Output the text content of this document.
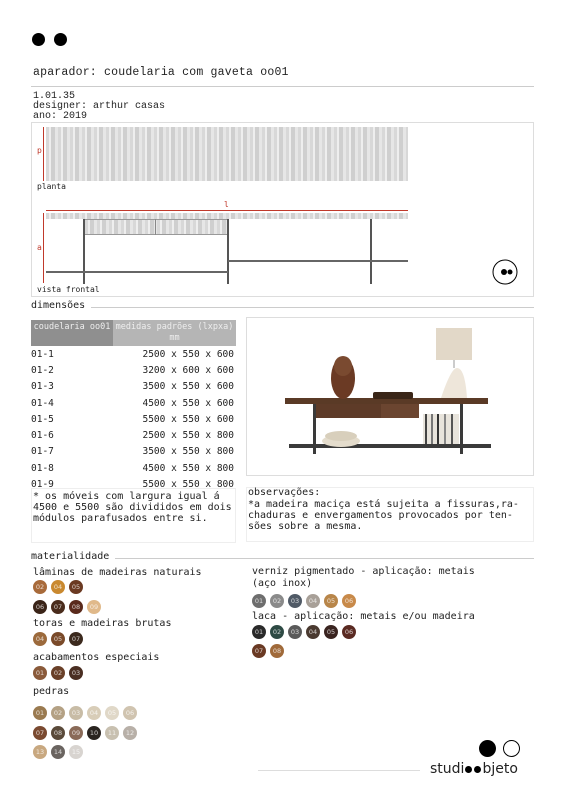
aparador: coudelaria com gaveta oo01
1.01.35
designer: arthur casas
ano: 2019
p
planta
l
a
vista frontal
dimensões
coudelaria oo01 medidas padrões (lxpxa) mm
01-1	2500 x 550 x 600
01-2	3200 x 600 x 600
01-3	3500 x 550 x 600
01-4	4500 x 550 x 600
01-5	5500 x 550 x 600
01-6	2500 x 550 x 800
01-7	3500 x 550 x 800
01-8	4500 x 550 x 800
01-9	5500 x 550 x 800
* os móveis com largura igual á 4500 e 5500 são divididos em dois módulos parafusados entre si.
observações:
*a madeira maciça está sujeita a fissuras,ra-chaduras e envergamentos provocados por ten-sões sobre a mesma.
materialidade
lâminas de madeiras naturais
02	04	05
06	07	08	09
toras e madeiras brutas
04	05	07
acabamentos especiais
01	02	03
pedras
01	02	03	04	05	06
07	08	09	10	11	12
13	14	15
verniz pigmentado - aplicação: metais (aço inox)
01	02	03	04	05	06
laca - aplicação: metais e/ou madeira
01	02	03	04	05	06
07	08
studi bjeto
